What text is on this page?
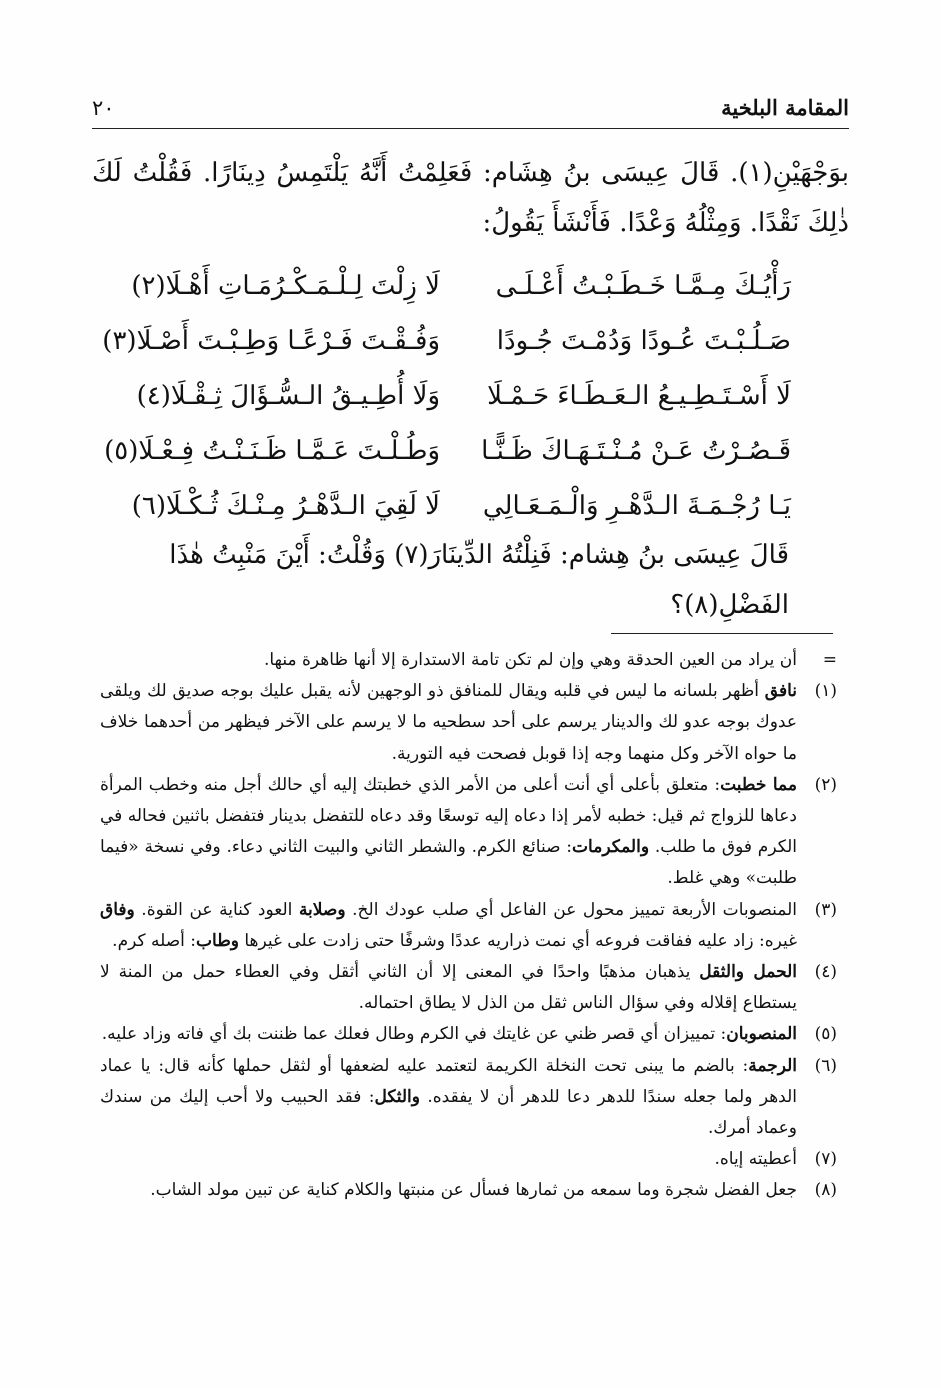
المقامة البلخية
٢٠
بوَجْهَيْنِ(١). قَالَ عِيسَى بنُ هِشَام: فَعَلِمْتُ أَنَّهُ يَلْتَمِسُ دِينَارًا. فَقُلْتُ لَكَ ذٰلِكَ نَقْدًا. وَمِثْلُهُ وَعْدًا. فَأَنْشَأَ يَقُولُ:
رَأْيُـكَ مِـمَّـا خَـطَـبْـتُ أَعْـلَـى
لَا زِلْتَ لِـلْـمَـكْـرُمَـاتِ أَهْـلَا(٢)
صَـلُـبْـتَ عُـودًا وَدُمْـتَ جُـودًا
وَفُـقْـتَ فَـرْعًـا وَطِـبْـتَ أَصْـلَا(٣)
لَا أَسْـتَـطِـيـعُ الـعَـطَـاءَ حَـمْـلَا
وَلَا أُطِـيـقُ الـسُّـؤَالَ ثِـقْـلَا(٤)
قَـصُـرْتُ عَـنْ مُـنْـتَـهَـاكَ ظَـنًّـا
وَطُـلْـتَ عَـمَّـا ظَـنَـنْـتُ فِـعْـلَا(٥)
يَـا رُجْـمَـةَ الـدَّهْـرِ وَالْـمَـعَـالِي
لَا لَقِيَ الـدَّهْـرُ مِـنْـكَ ثُـكْـلَا(٦)
قَالَ عِيسَى بنُ هِشام: فَنِلْتُهُ الدِّينَارَ(٧) وَقُلْتُ: أَيْنَ مَنْبِتُ هٰذَا الفَضْلِ(٨)؟
=
أن يراد من العين الحدقة وهي وإن لم تكن تامة الاستدارة إلا أنها ظاهرة منها.
(١)
نافق أظهر بلسانه ما ليس في قلبه ويقال للمنافق ذو الوجهين لأنه يقبل عليك بوجه صديق لك ويلقى عدوك بوجه عدو لك والدينار يرسم على أحد سطحيه ما لا يرسم على الآخر فيظهر من أحدهما خلاف ما حواه الآخر وكل منهما وجه إذا قوبل فصحت فيه التورية.
(٢)
مما خطبت: متعلق بأعلى أي أنت أعلى من الأمر الذي خطبتك إليه أي حالك أجل منه وخطب المرأة دعاها للزواج ثم قيل: خطبه لأمر إذا دعاه إليه توسعًا وقد دعاه للتفضل بدينار فتفضل باثنين فحاله في الكرم فوق ما طلب. والمكرمات: صنائع الكرم. والشطر الثاني والبيت الثاني دعاء. وفي نسخة «فيما طلبت» وهي غلط.
(٣)
المنصوبات الأربعة تمييز محول عن الفاعل أي صلب عودك الخ. وصلابة العود كناية عن القوة. وفاق غيره: زاد عليه ففاقت فروعه أي نمت ذراريه عددًا وشرفًا حتى زادت على غيرها وطاب: أصله كرم.
(٤)
الحمل والثقل يذهبان مذهبًا واحدًا في المعنى إلا أن الثاني أثقل وفي العطاء حمل من المنة لا يستطاع إقلاله وفي سؤال الناس ثقل من الذل لا يطاق احتماله.
(٥)
المنصوبان: تمييزان أي قصر ظني عن غايتك في الكرم وطال فعلك عما ظننت بك أي فاته وزاد عليه.
(٦)
الرجمة: بالضم ما يبنى تحت النخلة الكريمة لتعتمد عليه لضعفها أو لثقل حملها كأنه قال: يا عماد الدهر ولما جعله سندًا للدهر دعا للدهر أن لا يفقده. والثكل: فقد الحبيب ولا أحب إليك من سندك وعماد أمرك.
(٧)
أعطيته إياه.
(٨)
جعل الفضل شجرة وما سمعه من ثمارها فسأل عن منبتها والكلام كناية عن تبين مولد الشاب.
